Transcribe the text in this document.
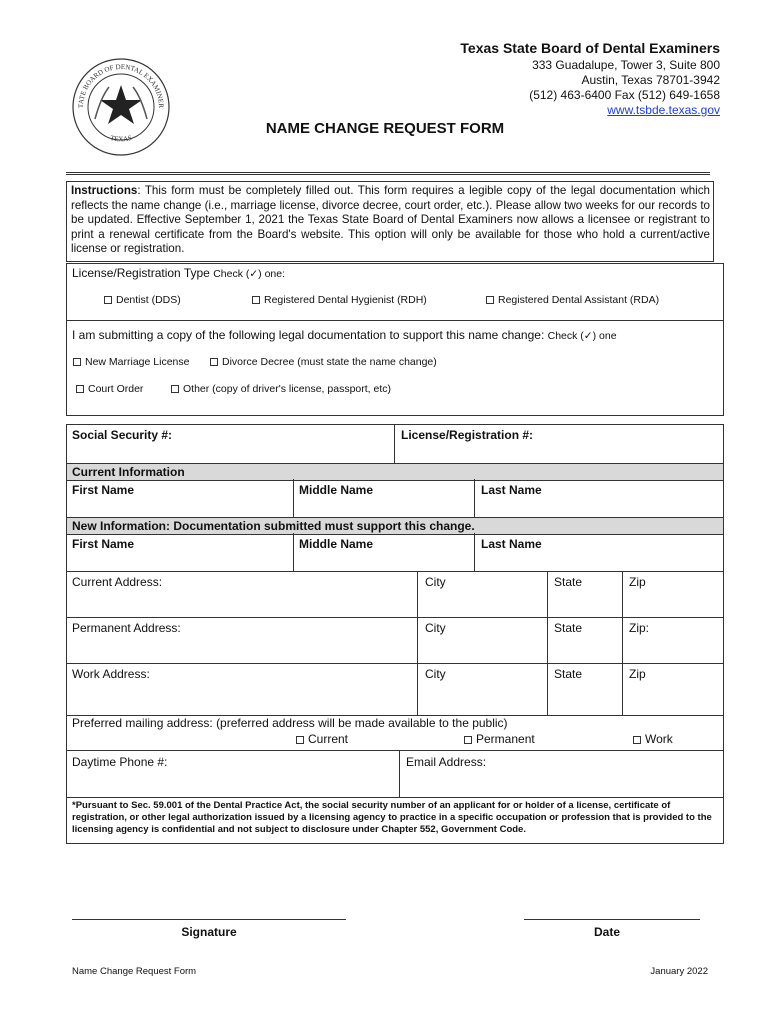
TATE BOARD OF DENTAL EXAMINER
TEXAS
Texas State Board of Dental Examiners
333 Guadalupe, Tower 3, Suite 800
Austin, Texas 78701-3942
(512) 463-6400 Fax (512) 649-1658
www.tsbde.texas.gov
NAME CHANGE REQUEST FORM
Instructions: This form must be completely filled out. This form requires a legible copy of the legal documentation which reflects the name change (i.e., marriage license, divorce decree, court order, etc.). Please allow two weeks for our records to be updated. Effective September 1, 2021 the Texas State Board of Dental Examiners now allows a licensee or registrant to print a renewal certificate from the Board's website. This option will only be available for those who hold a current/active license or registration.
License/Registration Type Check (✓) one:
Dentist (DDS)	Registered Dental Hygienist (RDH)	Registered Dental Assistant (RDA)
I am submitting a copy of the following legal documentation to support this name change: Check (✓) one
New Marriage License	Divorce Decree (must state the name change)
Court Order	Other (copy of driver's license, passport, etc)
Social Security #:	License/Registration #:
Current Information
First Name	Middle Name	Last Name
New Information: Documentation submitted must support this change.
First Name	Middle Name	Last Name
Current Address:	City	State	Zip
Permanent Address:	City	State	Zip:
Work Address:	City	State	Zip
Preferred mailing address: (preferred address will be made available to the public)
Current	Permanent	Work
Daytime Phone #:	Email Address:
*Pursuant to Sec. 59.001 of the Dental Practice Act, the social security number of an applicant for or holder of a license, certificate of registration, or other legal authorization issued by a licensing agency to practice in a specific occupation or profession that is provided to the licensing agency is confidential and not subject to disclosure under Chapter 552, Government Code.
Signature	Date
Name Change Request Form	January 2022
